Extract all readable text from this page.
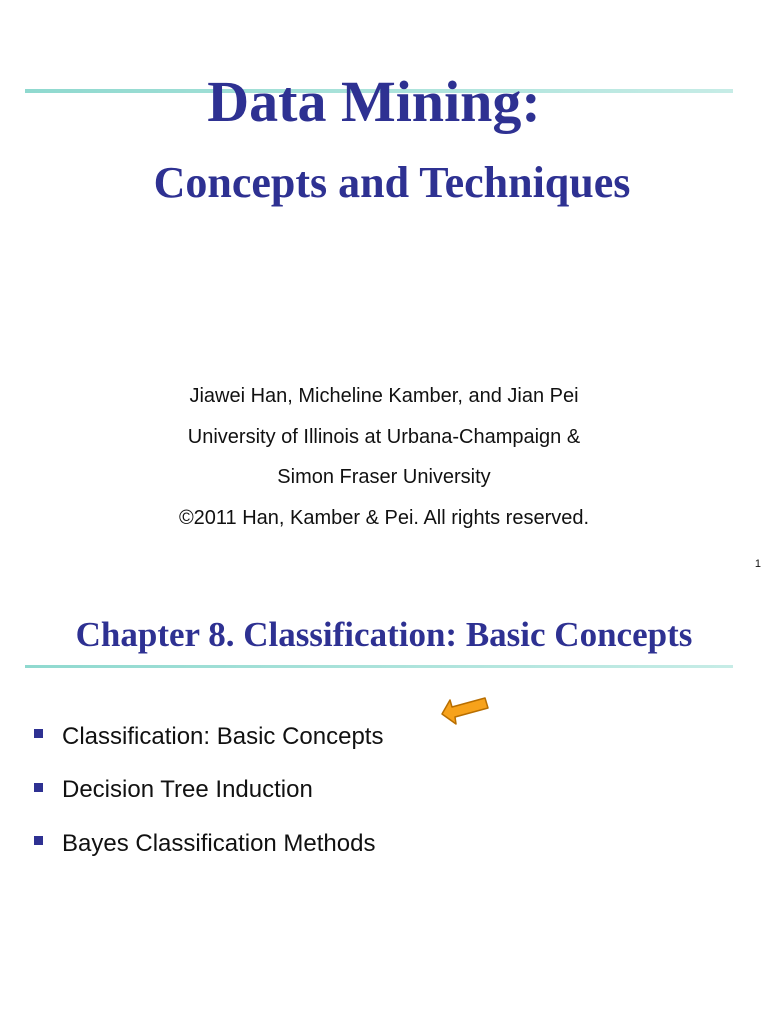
Data Mining:
Concepts and Techniques
Jiawei Han, Micheline Kamber, and Jian Pei
University of Illinois at Urbana-Champaign &
Simon Fraser University
©2011 Han, Kamber & Pei. All rights reserved.
1
Chapter 8. Classification: Basic Concepts
Classification: Basic Concepts
Decision Tree Induction
Bayes Classification Methods
